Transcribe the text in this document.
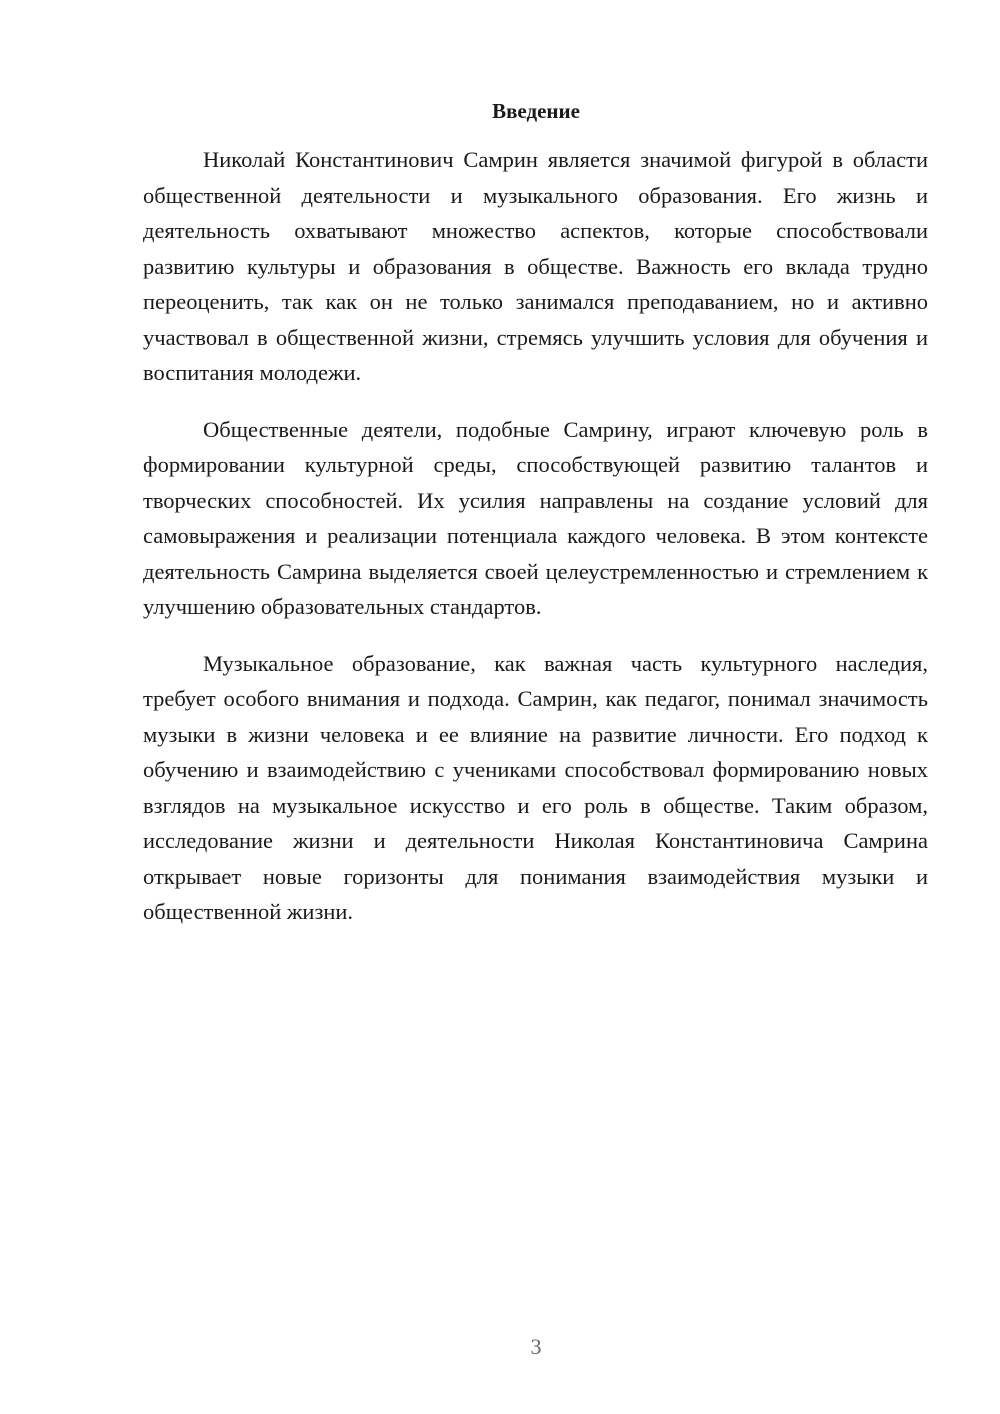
Введение

Николай Константинович Самрин является значимой фигурой в области общественной деятельности и музыкального образования. Его жизнь и деятельность охватывают множество аспектов, которые способствовали развитию культуры и образования в обществе. Важность его вклада трудно переоценить, так как он не только занимался преподаванием, но и активно участвовал в общественной жизни, стремясь улучшить условия для обучения и воспитания молодежи.

Общественные деятели, подобные Самрину, играют ключевую роль в формировании культурной среды, способствующей развитию талантов и творческих способностей. Их усилия направлены на создание условий для самовыражения и реализации потенциала каждого человека. В этом контексте деятельность Самрина выделяется своей целеустремленностью и стремлением к улучшению образовательных стандартов.

Музыкальное образование, как важная часть культурного наследия, требует особого внимания и подхода. Самрин, как педагог, понимал значимость музыки в жизни человека и ее влияние на развитие личности. Его подход к обучению и взаимодействию с учениками способствовал формированию новых взглядов на музыкальное искусство и его роль в обществе. Таким образом, исследование жизни и деятельности Николая Константиновича Самрина открывает новые горизонты для понимания взаимодействия музыки и общественной жизни.

3
